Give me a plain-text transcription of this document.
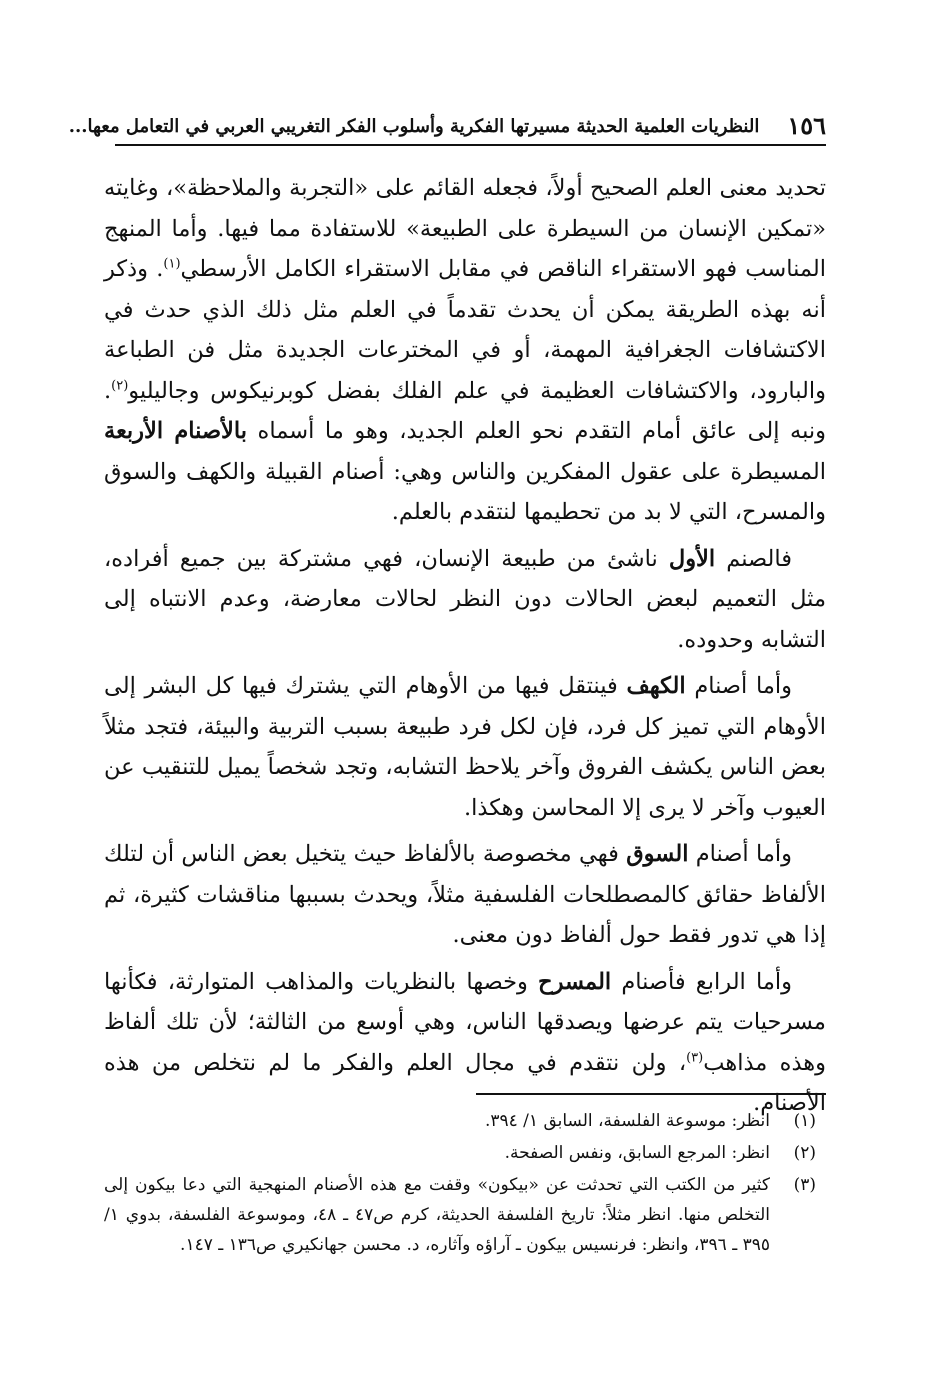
١٥٦
النظريات العلمية الحديثة مسيرتها الفكرية وأسلوب الفكر التغريبي العربي في التعامل معها...

تحديد معنى العلم الصحيح أولاً، فجعله القائم على «التجربة والملاحظة»، وغايته «تمكين الإنسان من السيطرة على الطبيعة» للاستفادة مما فيها. وأما المنهج المناسب فهو الاستقراء الناقص في مقابل الاستقراء الكامل الأرسطي$^{(١)}$. وذكر أنه بهذه الطريقة يمكن أن يحدث تقدماً في العلم مثل ذلك الذي حدث في الاكتشافات الجغرافية المهمة، أو في المخترعات الجديدة مثل فن الطباعة والبارود، والاكتشافات العظيمة في علم الفلك بفضل كوبرنيكوس وجاليليو$^{(٢)}$. ونبه إلى عائق أمام التقدم نحو العلم الجديد، وهو ما أسماه بالأصنام الأربعة المسيطرة على عقول المفكرين والناس وهي: أصنام القبيلة والكهف والسوق والمسرح، التي لا بد من تحطيمها لنتقدم بالعلم.

فالصنم الأول ناشئ من طبيعة الإنسان، فهي مشتركة بين جميع أفراده، مثل التعميم لبعض الحالات دون النظر لحالات معارضة، وعدم الانتباه إلى التشابه وحدوده.

وأما أصنام الكهف فينتقل فيها من الأوهام التي يشترك فيها كل البشر إلى الأوهام التي تميز كل فرد، فإن لكل فرد طبيعة بسبب التربية والبيئة، فتجد مثلاً بعض الناس يكشف الفروق وآخر يلاحظ التشابه، وتجد شخصاً يميل للتنقيب عن العيوب وآخر لا يرى إلا المحاسن وهكذا.

وأما أصنام السوق فهي مخصوصة بالألفاظ حيث يتخيل بعض الناس أن لتلك الألفاظ حقائق كالمصطلحات الفلسفية مثلاً، ويحدث بسببها مناقشات كثيرة، ثم إذا هي تدور فقط حول ألفاظ دون معنى.

وأما الرابع فأصنام المسرح وخصها بالنظريات والمذاهب المتوارثة، فكأنها مسرحيات يتم عرضها ويصدقها الناس، وهي أوسع من الثالثة؛ لأن تلك ألفاظ وهذه مذاهب$^{(٣)}$، ولن نتقدم في مجال العلم والفكر ما لم نتخلص من هذه الأصنام.

(١)
انظر: موسوعة الفلسفة، السابق ١/ ٣٩٤.
(٢)
انظر: المرجع السابق، ونفس الصفحة.
(٣)
كثير من الكتب التي تحدثت عن «بيكون» وقفت مع هذه الأصنام المنهجية التي دعا بيكون إلى التخلص منها. انظر مثلاً: تاريخ الفلسفة الحديثة، كرم ص٤٧ ـ ٤٨، وموسوعة الفلسفة، بدوي ١/ ٣٩٥ ـ ٣٩٦، وانظر: فرنسيس بيكون ـ آراؤه وآثاره، د. محسن جهانكيري ص١٣٦ ـ ١٤٧.
